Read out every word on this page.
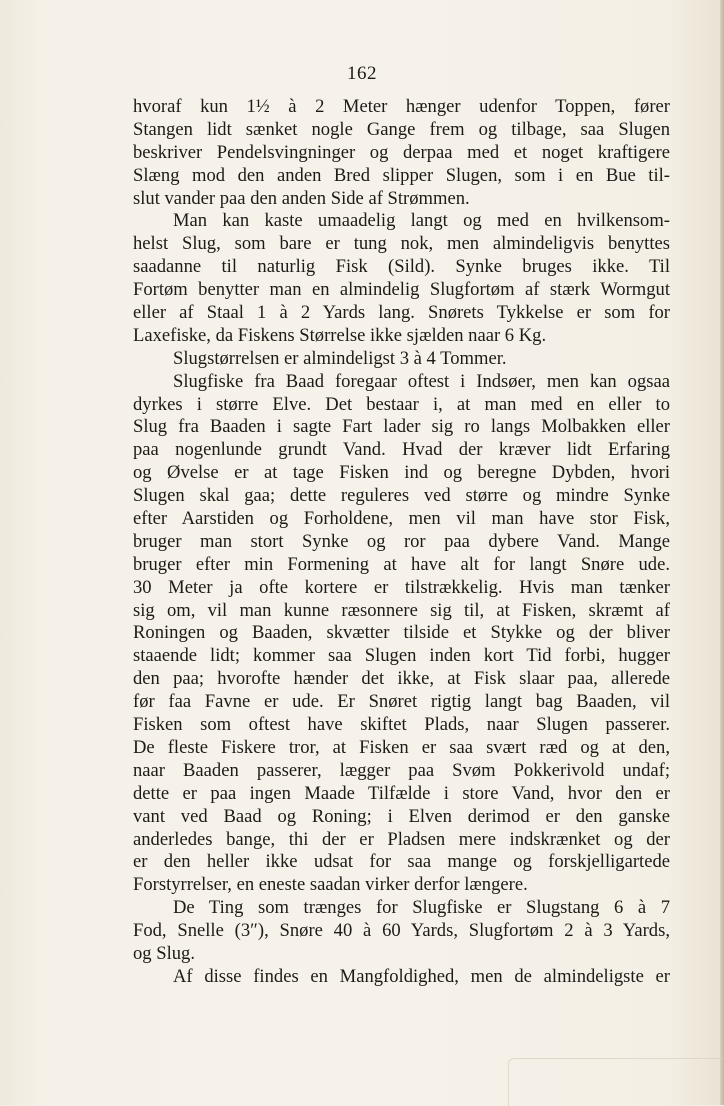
162
hvoraf kun 1½ à 2 Meter hænger udenfor Toppen, fører
Stangen lidt sænket nogle Gange frem og tilbage, saa Slugen
beskriver Pendelsvingninger og derpaa med et noget kraftigere
Slæng mod den anden Bred slipper Slugen, som i en Bue til-
slut vander paa den anden Side af Strømmen.
Man kan kaste umaadelig langt og med en hvilkensom-
helst Slug, som bare er tung nok, men almindeligvis benyttes
saadanne til naturlig Fisk (Sild). Synke bruges ikke. Til
Fortøm benytter man en almindelig Slugfortøm af stærk Wormgut
eller af Staal 1 à 2 Yards lang. Snørets Tykkelse er som for
Laxefiske, da Fiskens Størrelse ikke sjælden naar 6 Kg.
Slugstørrelsen er almindeligst 3 à 4 Tommer.
Slugfiske fra Baad foregaar oftest i Indsøer, men kan ogsaa
dyrkes i større Elve. Det bestaar i, at man med en eller to
Slug fra Baaden i sagte Fart lader sig ro langs Molbakken eller
paa nogenlunde grundt Vand. Hvad der kræver lidt Erfaring
og Øvelse er at tage Fisken ind og beregne Dybden, hvori
Slugen skal gaa; dette reguleres ved større og mindre Synke
efter Aarstiden og Forholdene, men vil man have stor Fisk,
bruger man stort Synke og ror paa dybere Vand. Mange
bruger efter min Formening at have alt for langt Snøre ude.
30 Meter ja ofte kortere er tilstrækkelig. Hvis man tænker
sig om, vil man kunne ræsonnere sig til, at Fisken, skræmt af
Roningen og Baaden, skvætter tilside et Stykke og der bliver
staaende lidt; kommer saa Slugen inden kort Tid forbi, hugger
den paa; hvorofte hænder det ikke, at Fisk slaar paa, allerede
før faa Favne er ude. Er Snøret rigtig langt bag Baaden, vil
Fisken som oftest have skiftet Plads, naar Slugen passerer.
De fleste Fiskere tror, at Fisken er saa svært ræd og at den,
naar Baaden passerer, lægger paa Svøm Pokkerivold undaf;
dette er paa ingen Maade Tilfælde i store Vand, hvor den er
vant ved Baad og Roning; i Elven derimod er den ganske
anderledes bange, thi der er Pladsen mere indskrænket og der
er den heller ikke udsat for saa mange og forskjelligartede
Forstyrrelser, en eneste saadan virker derfor længere.
De Ting som trænges for Slugfiske er Slugstang 6 à 7
Fod, Snelle (3″), Snøre 40 à 60 Yards, Slugfortøm 2 à 3 Yards,
og Slug.
Af disse findes en Mangfoldighed, men de almindeligste er
